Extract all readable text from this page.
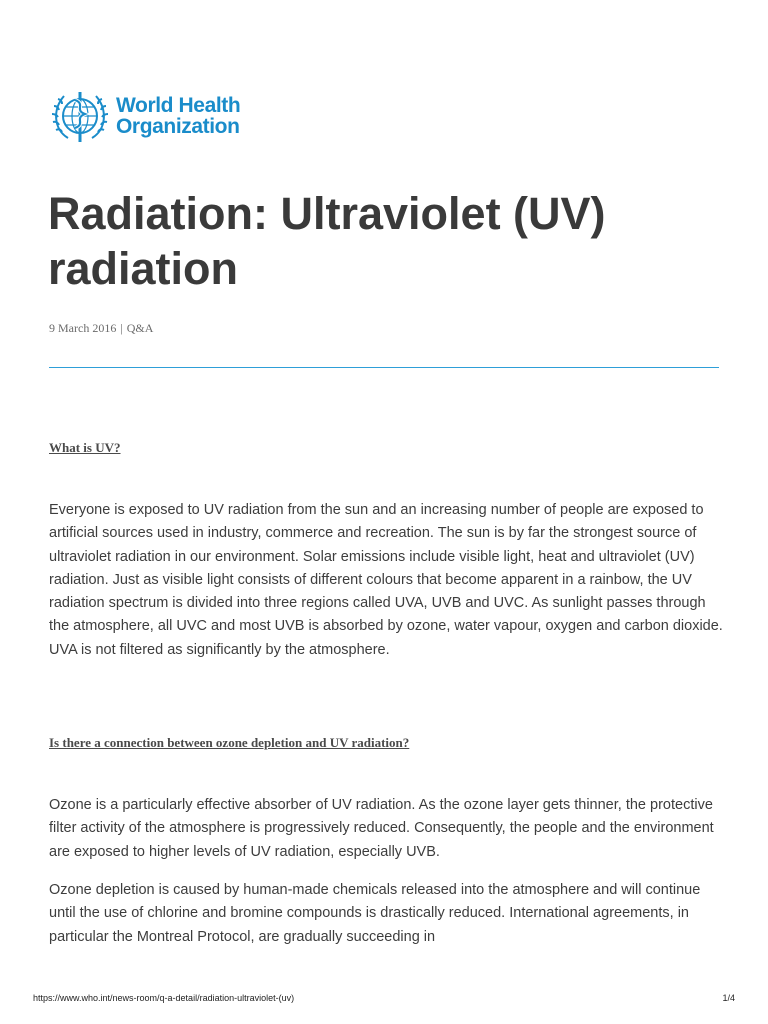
World Health
Organization
Radiation: Ultraviolet (UV) radiation
9 March 2016 | Q&A
What is UV?

Everyone is exposed to UV radiation from the sun and an increasing number of people are exposed to artificial sources used in industry, commerce and recreation. The sun is by far the strongest source of ultraviolet radiation in our environment. Solar emissions include visible light, heat and ultraviolet (UV) radiation. Just as visible light consists of different colours that become apparent in a rainbow, the UV radiation spectrum is divided into three regions called UVA, UVB and UVC. As sunlight passes through the atmosphere, all UVC and most UVB is absorbed by ozone, water vapour, oxygen and carbon dioxide. UVA is not filtered as significantly by the atmosphere.

Is there a connection between ozone depletion and UV radiation?

Ozone is a particularly effective absorber of UV radiation. As the ozone layer gets thinner, the protective filter activity of the atmosphere is progressively reduced. Consequently, the people and the environment are exposed to higher levels of UV radiation, especially UVB.

Ozone depletion is caused by human-made chemicals released into the atmosphere and will continue until the use of chlorine and bromine compounds is drastically reduced. International agreements, in particular the Montreal Protocol, are gradually succeeding in

https://www.who.int/news-room/q-a-detail/radiation-ultraviolet-(uv)	1/4
